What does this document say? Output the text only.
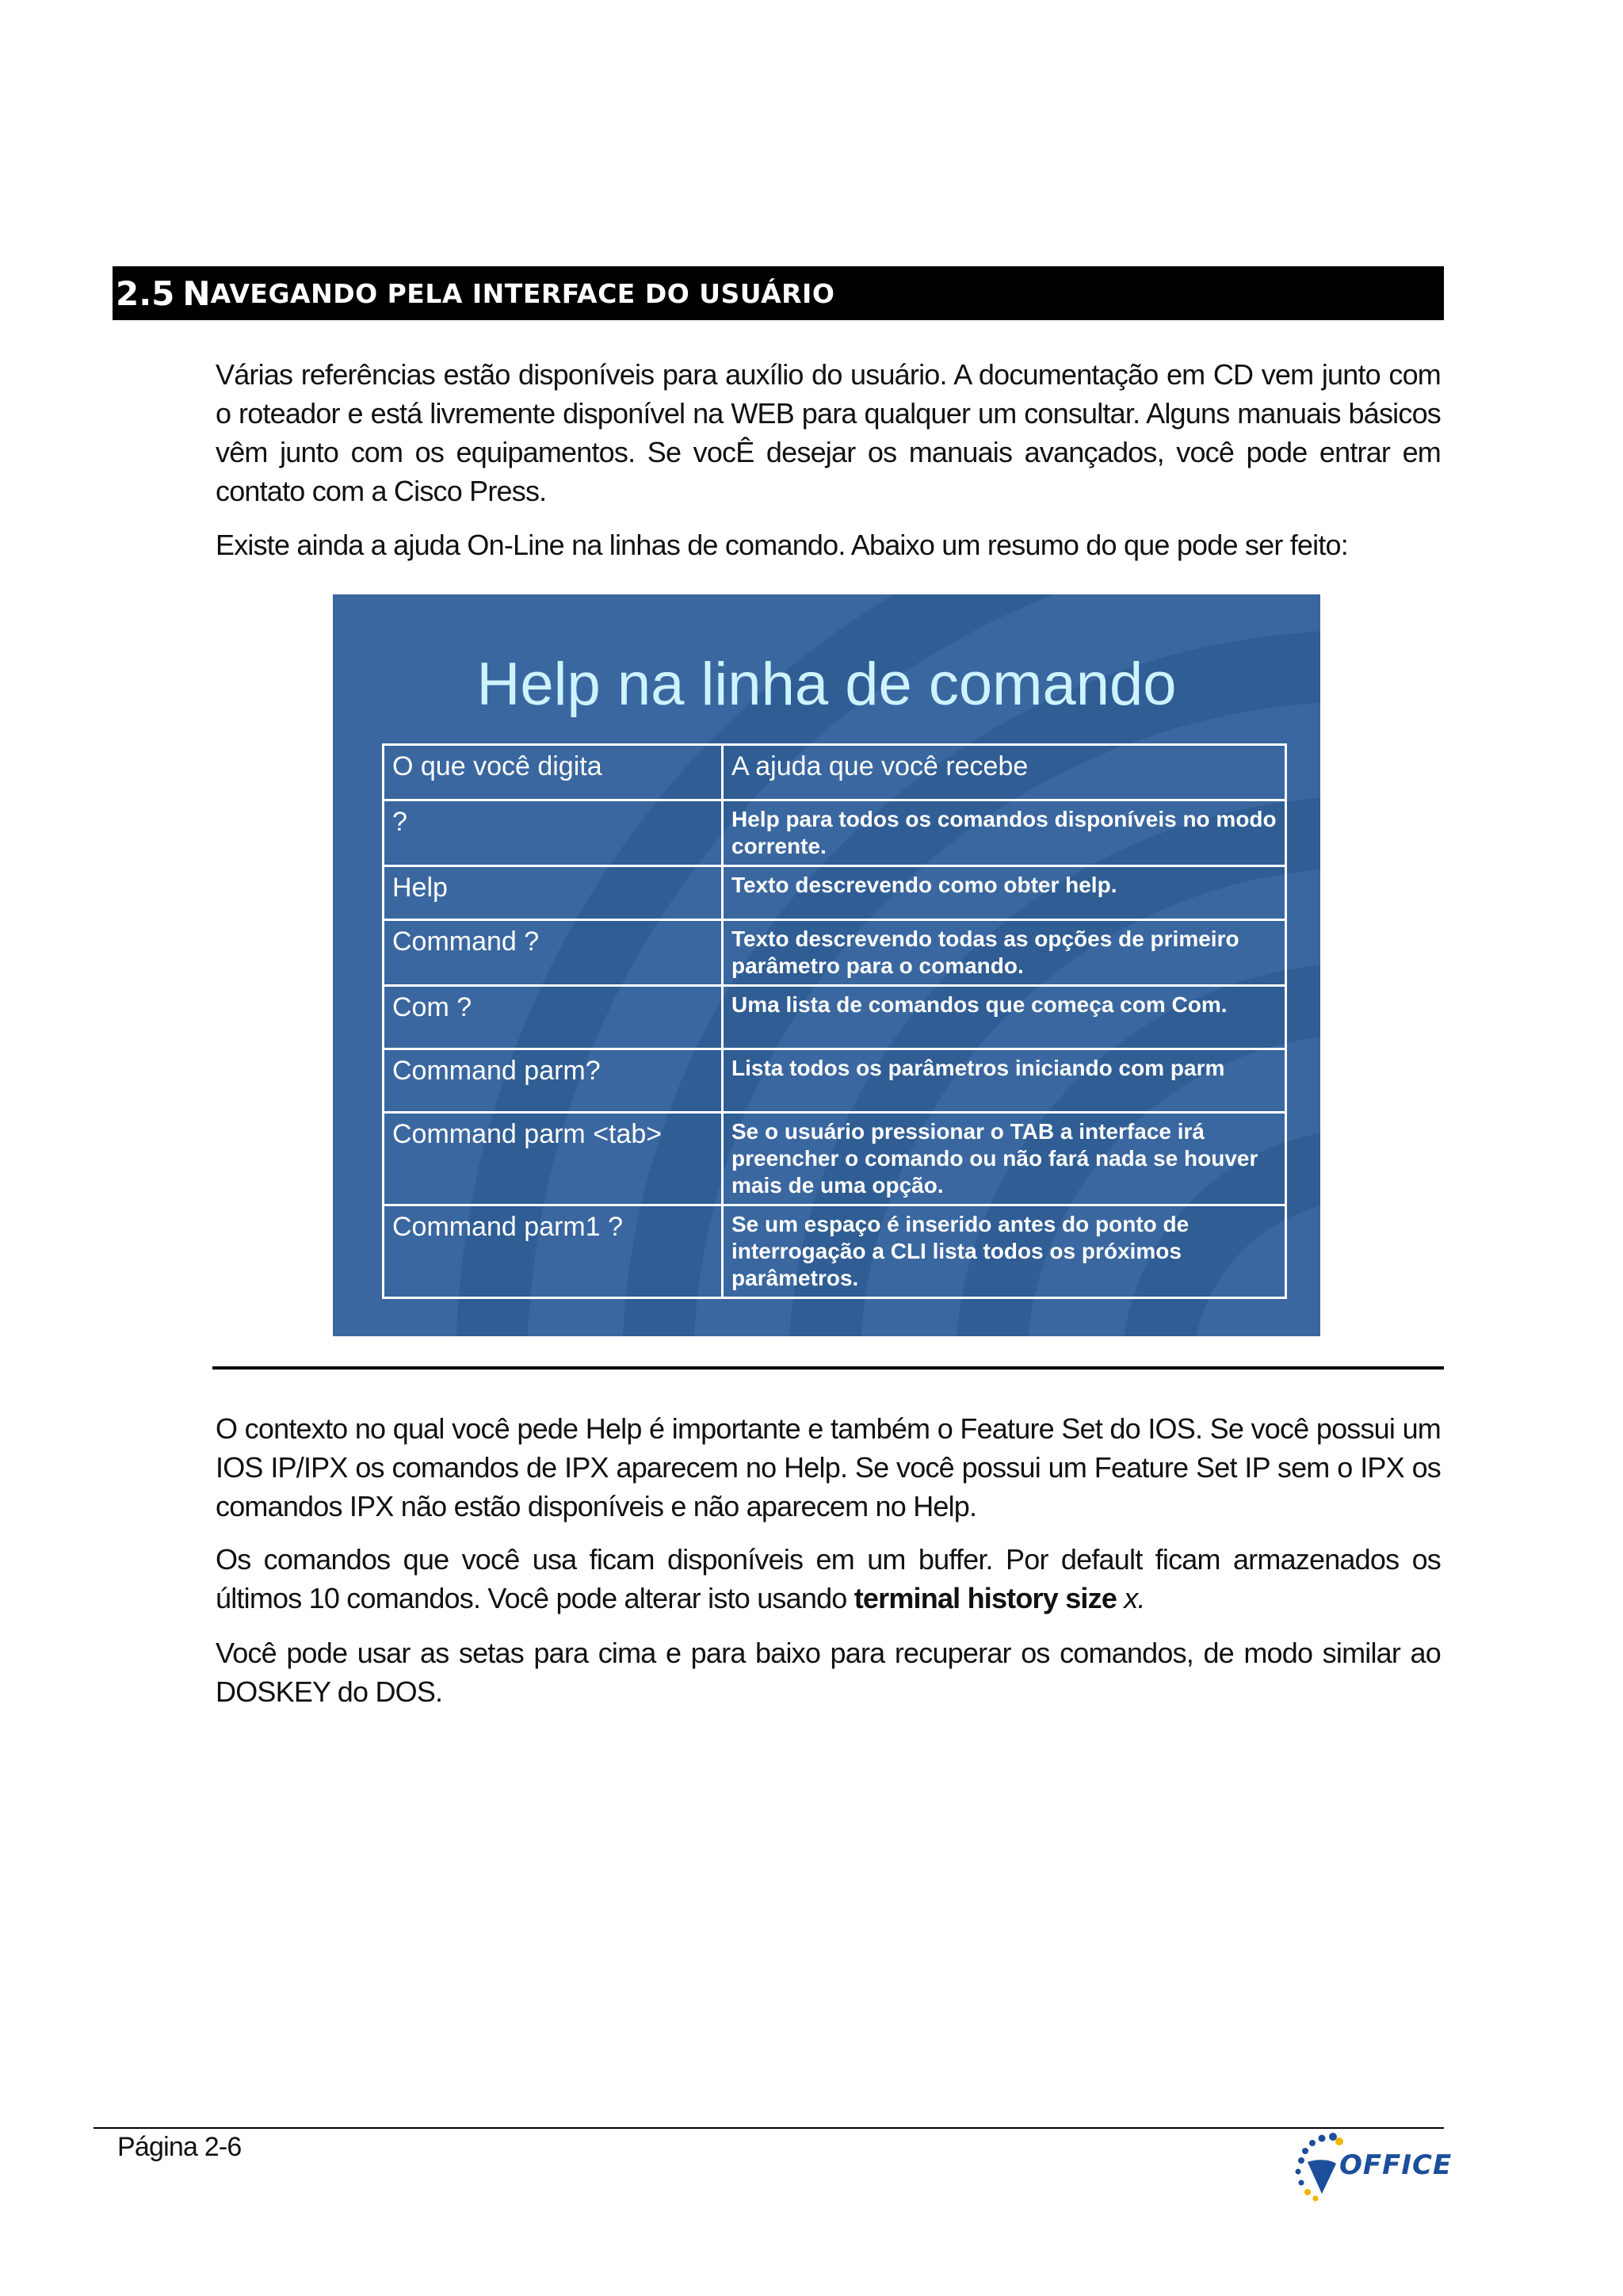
2.5 N AVEGANDO PELA INTERFACE DO USUÁRIO

Várias referências estão disponíveis para auxílio do usuário. A documentação em CD vem junto com o roteador e está livremente disponível na WEB para qualquer um consultar. Alguns manuais básicos vêm junto com os equipamentos. Se vocÊ desejar os manuais avançados, você pode entrar em contato com a Cisco Press.

Existe ainda a ajuda On-Line na linhas de comando. Abaixo um resumo do que pode ser feito:

Help na linha de comando
O que você digita	A ajuda que você recebe
?	Help para todos os comandos disponíveis no modo corrente.
Help	Texto descrevendo como obter help.
Command ?	Texto descrevendo todas as opções de primeiro parâmetro para o comando.
Com ?	Uma lista de comandos que começa com Com.
Command parm?	Lista todos os parâmetros iniciando com parm
Command parm <tab>	Se o usuário pressionar o TAB a interface irá preencher o comando ou não fará nada se houver mais de uma opção.
Command parm1 ?	Se um espaço é inserido antes do ponto de interrogação a CLI lista todos os próximos parâmetros.

O contexto no qual você pede Help é importante e também o Feature Set do IOS. Se você possui um IOS IP/IPX os comandos de IPX aparecem no Help. Se você possui um Feature Set IP sem o IPX os comandos IPX não estão disponíveis e não aparecem no Help.

Os comandos que você usa ficam disponíveis em um buffer. Por default ficam armazenados os últimos 10 comandos. Você pode alterar isto usando terminal history size x.

Você pode usar as setas para cima e para baixo para recuperar os comandos, de modo similar ao DOSKEY do DOS.

Página 2-6
OFFICE
